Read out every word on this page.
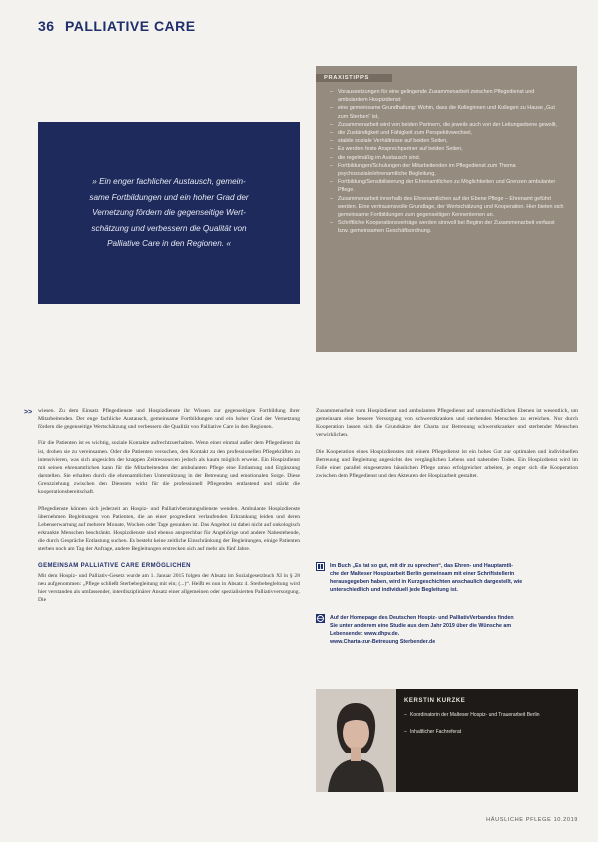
36 PALLIATIVE CARE
» Ein enger fachlicher Austausch, gemein-
same Fortbildungen und ein hoher Grad der
Vernetzung fördern die gegenseitige Wert-
schätzung und verbessern die Qualität von
Palliative Care in den Regionen. «
PRAXISTIPPS
– Voraussetzungen für eine gelingende Zusammenarbeit zwischen Pflegedienst und ambulantem Hospizdienst:
– eine gemeinsame Grundhaltung: Wohin, dass die Kolleginnen und Kollegen zu Hause „Gut zum Sterben“ ist,
– Zusammenarbeit wird von beiden Partnern, die jeweils auch von der Leitungsebene gewollt,
– die Zuständigkeit und Fähigkeit zum Perspektivwechsel,
– stabile soziale Verhältnisse auf beiden Seiten,
– Es werden feste Ansprechpartner auf beiden Seiten,
– die regelmäßig im Austausch sind.
– Fortbildungen/Schulungen der Mitarbeitenden im Pflegedienst zum Thema psychosoziale/ehrenamtliche Begleitung,
– Fortbildung/Sensibilisierung der Ehrenamtlichen zu Möglichkeiten und Grenzen ambulanter Pflege.
– Zusammenarbeit innerhalb des Ehrenamtlichen auf der Ebene Pflege – Ehrenamt geführt werden. Eine vertrauensvolle Grundlage, der Wertschätzung und Kooperation. Hier bieten sich gemeinsame Fortbildungen zum gegenseitigen Kennenlernen an.
– Schriftliche Kooperationsverträge werden sinnvoll bei Beginn der Zusammenarbeit verfasst bzw. gemeinsamen Geschäftsordnung.
>> wiesen. Zu dem Einsatz Pflegedienste und Hospizdienste ihr Wissen zur gegenseitigen Fortbildung ihrer Mitarbeitenden. Der enge fachliche Austausch, gemeinsame Fortbildungen und ein hoher Grad der Vernetzung fördern die gegenseitige Wertschätzung und verbessern die Qualität von Palliative Care in den Regionen.

Für die Patienten ist es wichtig, soziale Kontakte aufrechtzuerhalten. Wenn einer einmal außer dem Pflegedienst da ist, drohen sie zu vereinsamen. Oder die Patienten versuchen, den Kontakt zu den professionellen Pflegekräften zu intensivieren, was sich angesichts der knappen Zeitressourcen jedoch als kaum möglich erweist. Ein Hospizdienst mit seinen ehrenamtlichen kann für die Mitarbeitenden der ambulanten Pflege eine Entlastung und Ergänzung darstellen. Sie erhalten durch die ehrenamtlichen Unterstützung in der Betreuung und emotionalen Sorge. Diese Grenzziehung zwischen den Diensten wirkt für die professionell Pflegenden entlastend und stärkt die kooperationsbereitschaft.

Pflegedienste können sich jederzeit an Hospiz- und Palliativberatungsdienste wenden. Ambulante Hospizdienste übernehmen Begleitungen von Patienten, die an einer progredient verlaufenden Erkrankung leiden und deren Lebenserwartung auf mehrere Monate, Wochen oder Tage gesunken ist. Das Angebot ist dabei nicht auf onkologisch erkrankte Menschen beschränkt. Hospizdienste sind ebenso ansprechbar für Angehörige und andere Nahestehende, die durch Gespräche Entlastung suchen. Es besteht keine zeitliche Einschränkung der Begleitungen, einige Patienten sterben noch am Tag der Anfrage, andere Begleitungen erstrecken sich auf mehr als fünf Jahre.

GEMEINSAM PALLIATIVE CARE ERMÖGLICHEN

Mit dem Hospiz- und Palliativ-Gesetz wurde am 1. Januar 2015 folgen der Absatz im Sozialgesetzbuch XI in § 28 neu aufgenommen: „Pflege schließt Sterbebegleitung mit ein; (...)“. Heißt es nun in Absatz 4. Sterbebegleitung wird hier verstanden als umfassender, interdisziplinärer Ansatz einer allgemeinen oder spezialisierten Palliativversorgung. Die

Zusammenarbeit vom Hospizdienst und ambulanten Pflegedienst auf unterschiedlichen Ebenen ist wesentlich, um gemeinsam eine bessere Versorgung von schwerstkranken und sterbenden Menschen zu erreichen. Nur durch Kooperation lassen sich die Grundsätze der Charta zur Betreuung schwerstkranker und sterbender Menschen verwirklichen.

Die Kooperation eines Hospizdienstes mit einem Pflegedienst ist ein hohes Gut zur optimalen und individuellen Betreuung und Begleitung angesichts des vergänglichen Lebens und nahenden Todes. Ein Hospizdienst wird im Falle einer parallel eingesetzten häuslichen Pflege umso erfolgreicher arbeiten, je enger sich die Kooperation zwischen dem Pflegedienst und den Akteuren der Hospizarbeit gestaltet.

Im Buch „Es tat so gut, mit dir zu sprechen“, das Ehren- und Hauptamtli-
che der Malteser Hospizarbeit Berlin gemeinsam mit einer Schriftstellerin
herausgegeben haben, wird in Kurzgeschichten anschaulich dargestellt, wie
unterschiedlich und individuell jede Begleitung ist.
Auf der Homepage des Deutschen Hospiz- und PalliativVerbandes finden
Sie unter anderem eine Studie aus dem Jahr 2019 über die Wünsche am
Lebensende: www.dhpv.de.
www.Charta-zur-Betreuung Sterbender.de
KERSTIN KURZKE
– Koordinatorin der Malteser Hospiz- und Trauerarbeit Berlin
– Inhaltlicher Fachreferat
HÄUSLICHE PFLEGE 10.2019
